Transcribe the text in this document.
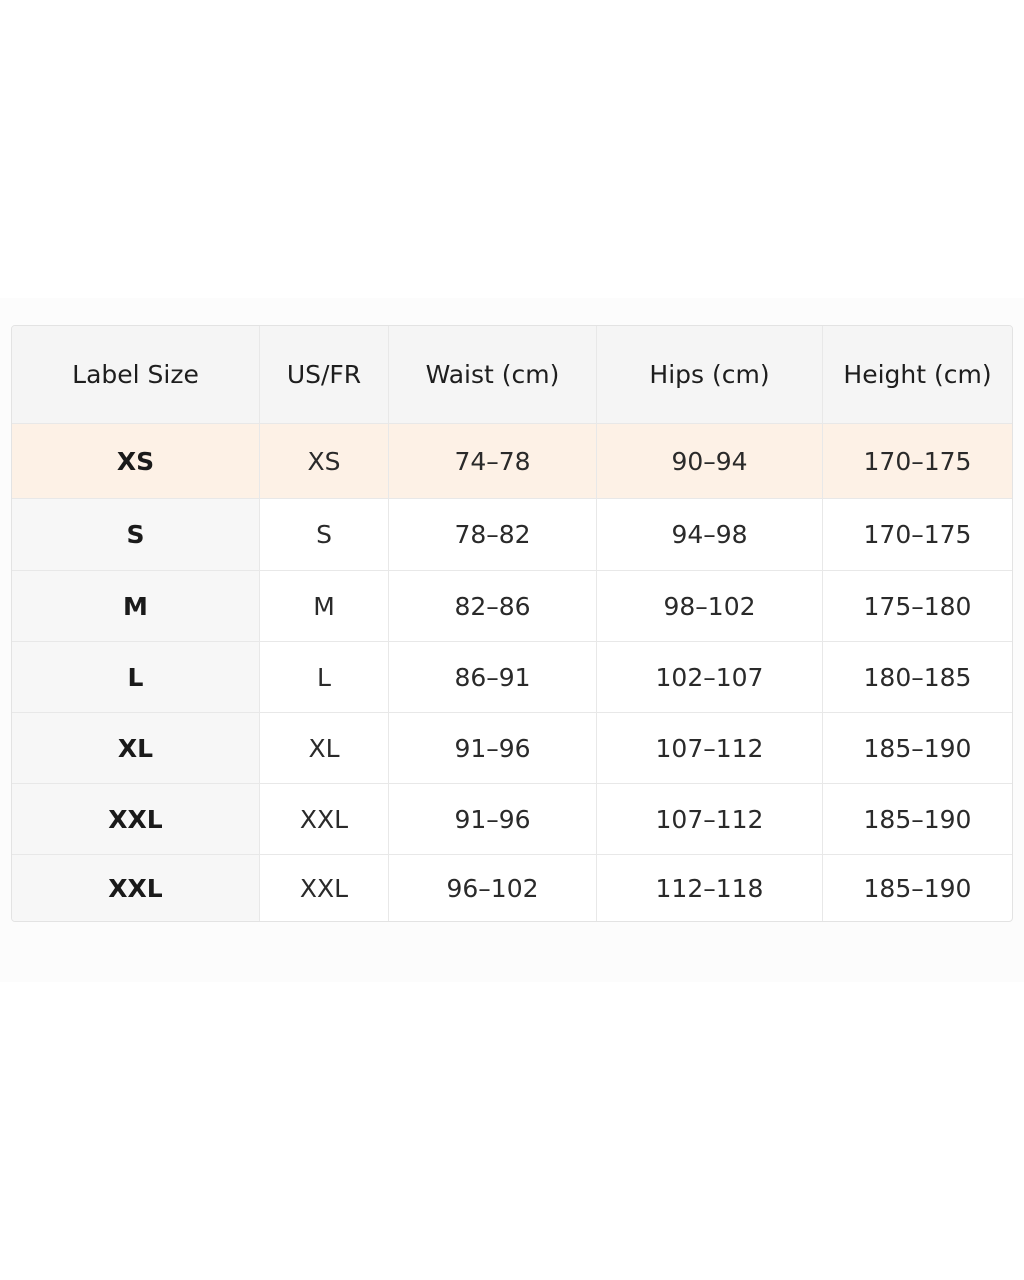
Label Size	US/FR	Waist (cm)	Hips (cm)	Height (cm)
XS	XS	74–78	90–94	170–175
S	S	78–82	94–98	170–175
M	M	82–86	98–102	175–180
L	L	86–91	102–107	180–185
XL	XL	91–96	107–112	185–190
XXL	XXL	91–96	107–112	185–190
XXL	XXL	96–102	112–118	185–190
